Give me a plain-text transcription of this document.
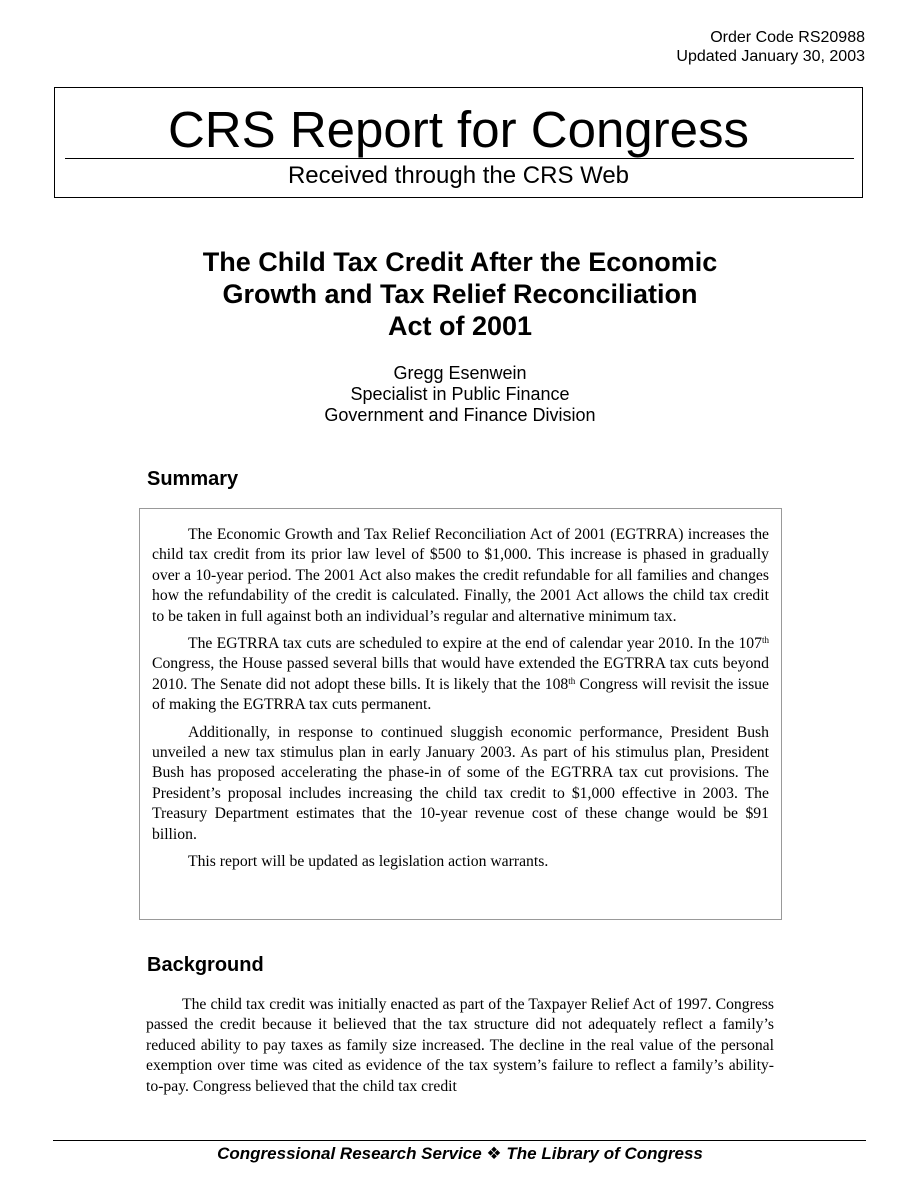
Order Code RS20988
Updated January 30, 2003
CRS Report for Congress
Received through the CRS Web
The Child Tax Credit After the Economic
Growth and Tax Relief Reconciliation
Act of 2001
Gregg Esenwein
Specialist in Public Finance
Government and Finance Division
Summary

The Economic Growth and Tax Relief Reconciliation Act of 2001 (EGTRRA) increases the child tax credit from its prior law level of $500 to $1,000. This increase is phased in gradually over a 10-year period. The 2001 Act also makes the credit refundable for all families and changes how the refundability of the credit is calculated. Finally, the 2001 Act allows the child tax credit to be taken in full against both an individual’s regular and alternative minimum tax.

The EGTRRA tax cuts are scheduled to expire at the end of calendar year 2010. In the 107th Congress, the House passed several bills that would have extended the EGTRRA tax cuts beyond 2010. The Senate did not adopt these bills. It is likely that the 108th Congress will revisit the issue of making the EGTRRA tax cuts permanent.

Additionally, in response to continued sluggish economic performance, President Bush unveiled a new tax stimulus plan in early January 2003. As part of his stimulus plan, President Bush has proposed accelerating the phase-in of some of the EGTRRA tax cut provisions. The President’s proposal includes increasing the child tax credit to $1,000 effective in 2003. The Treasury Department estimates that the 10-year revenue cost of these change would be $91 billion.

This report will be updated as legislation action warrants.

Background

The child tax credit was initially enacted as part of the Taxpayer Relief Act of 1997. Congress passed the credit because it believed that the tax structure did not adequately reflect a family’s reduced ability to pay taxes as family size increased. The decline in the real value of the personal exemption over time was cited as evidence of the tax system’s failure to reflect a family’s ability-to-pay. Congress believed that the child tax credit

Congressional Research Service ❖ The Library of Congress
